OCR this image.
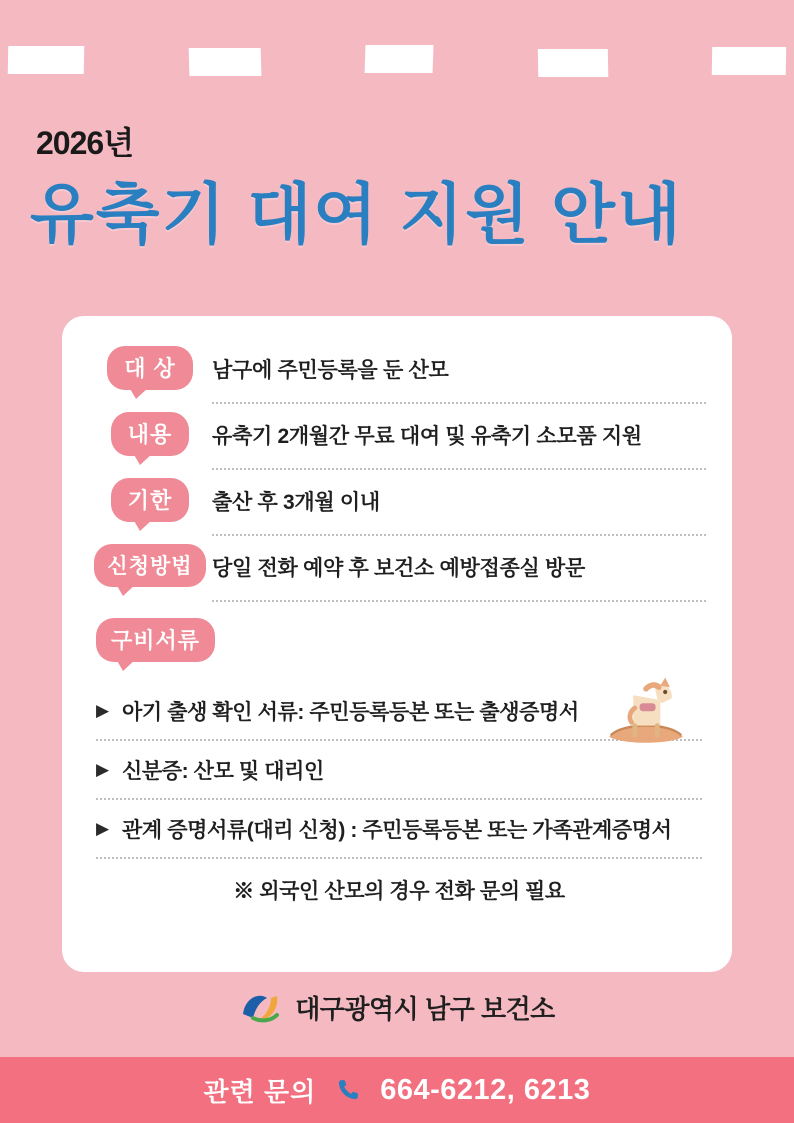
2026년
유축기 대여 지원 안내
대 상	남구에 주민등록을 둔 산모
내용	유축기 2개월간 무료 대여 및 유축기 소모품 지원
기한	출산 후 3개월 이내
신청방법 당일 전화 예약 후 보건소 예방접종실 방문
구비서류
▶ 아기 출생 확인 서류: 주민등록등본 또는 출생증명서
▶ 신분증: 산모 및 대리인
▶ 관계 증명서류(대리 신청) : 주민등록등본 또는 가족관계증명서
※ 외국인 산모의 경우 전화 문의 필요
대구광역시 남구 보건소
관련 문의 664-6212, 6213
